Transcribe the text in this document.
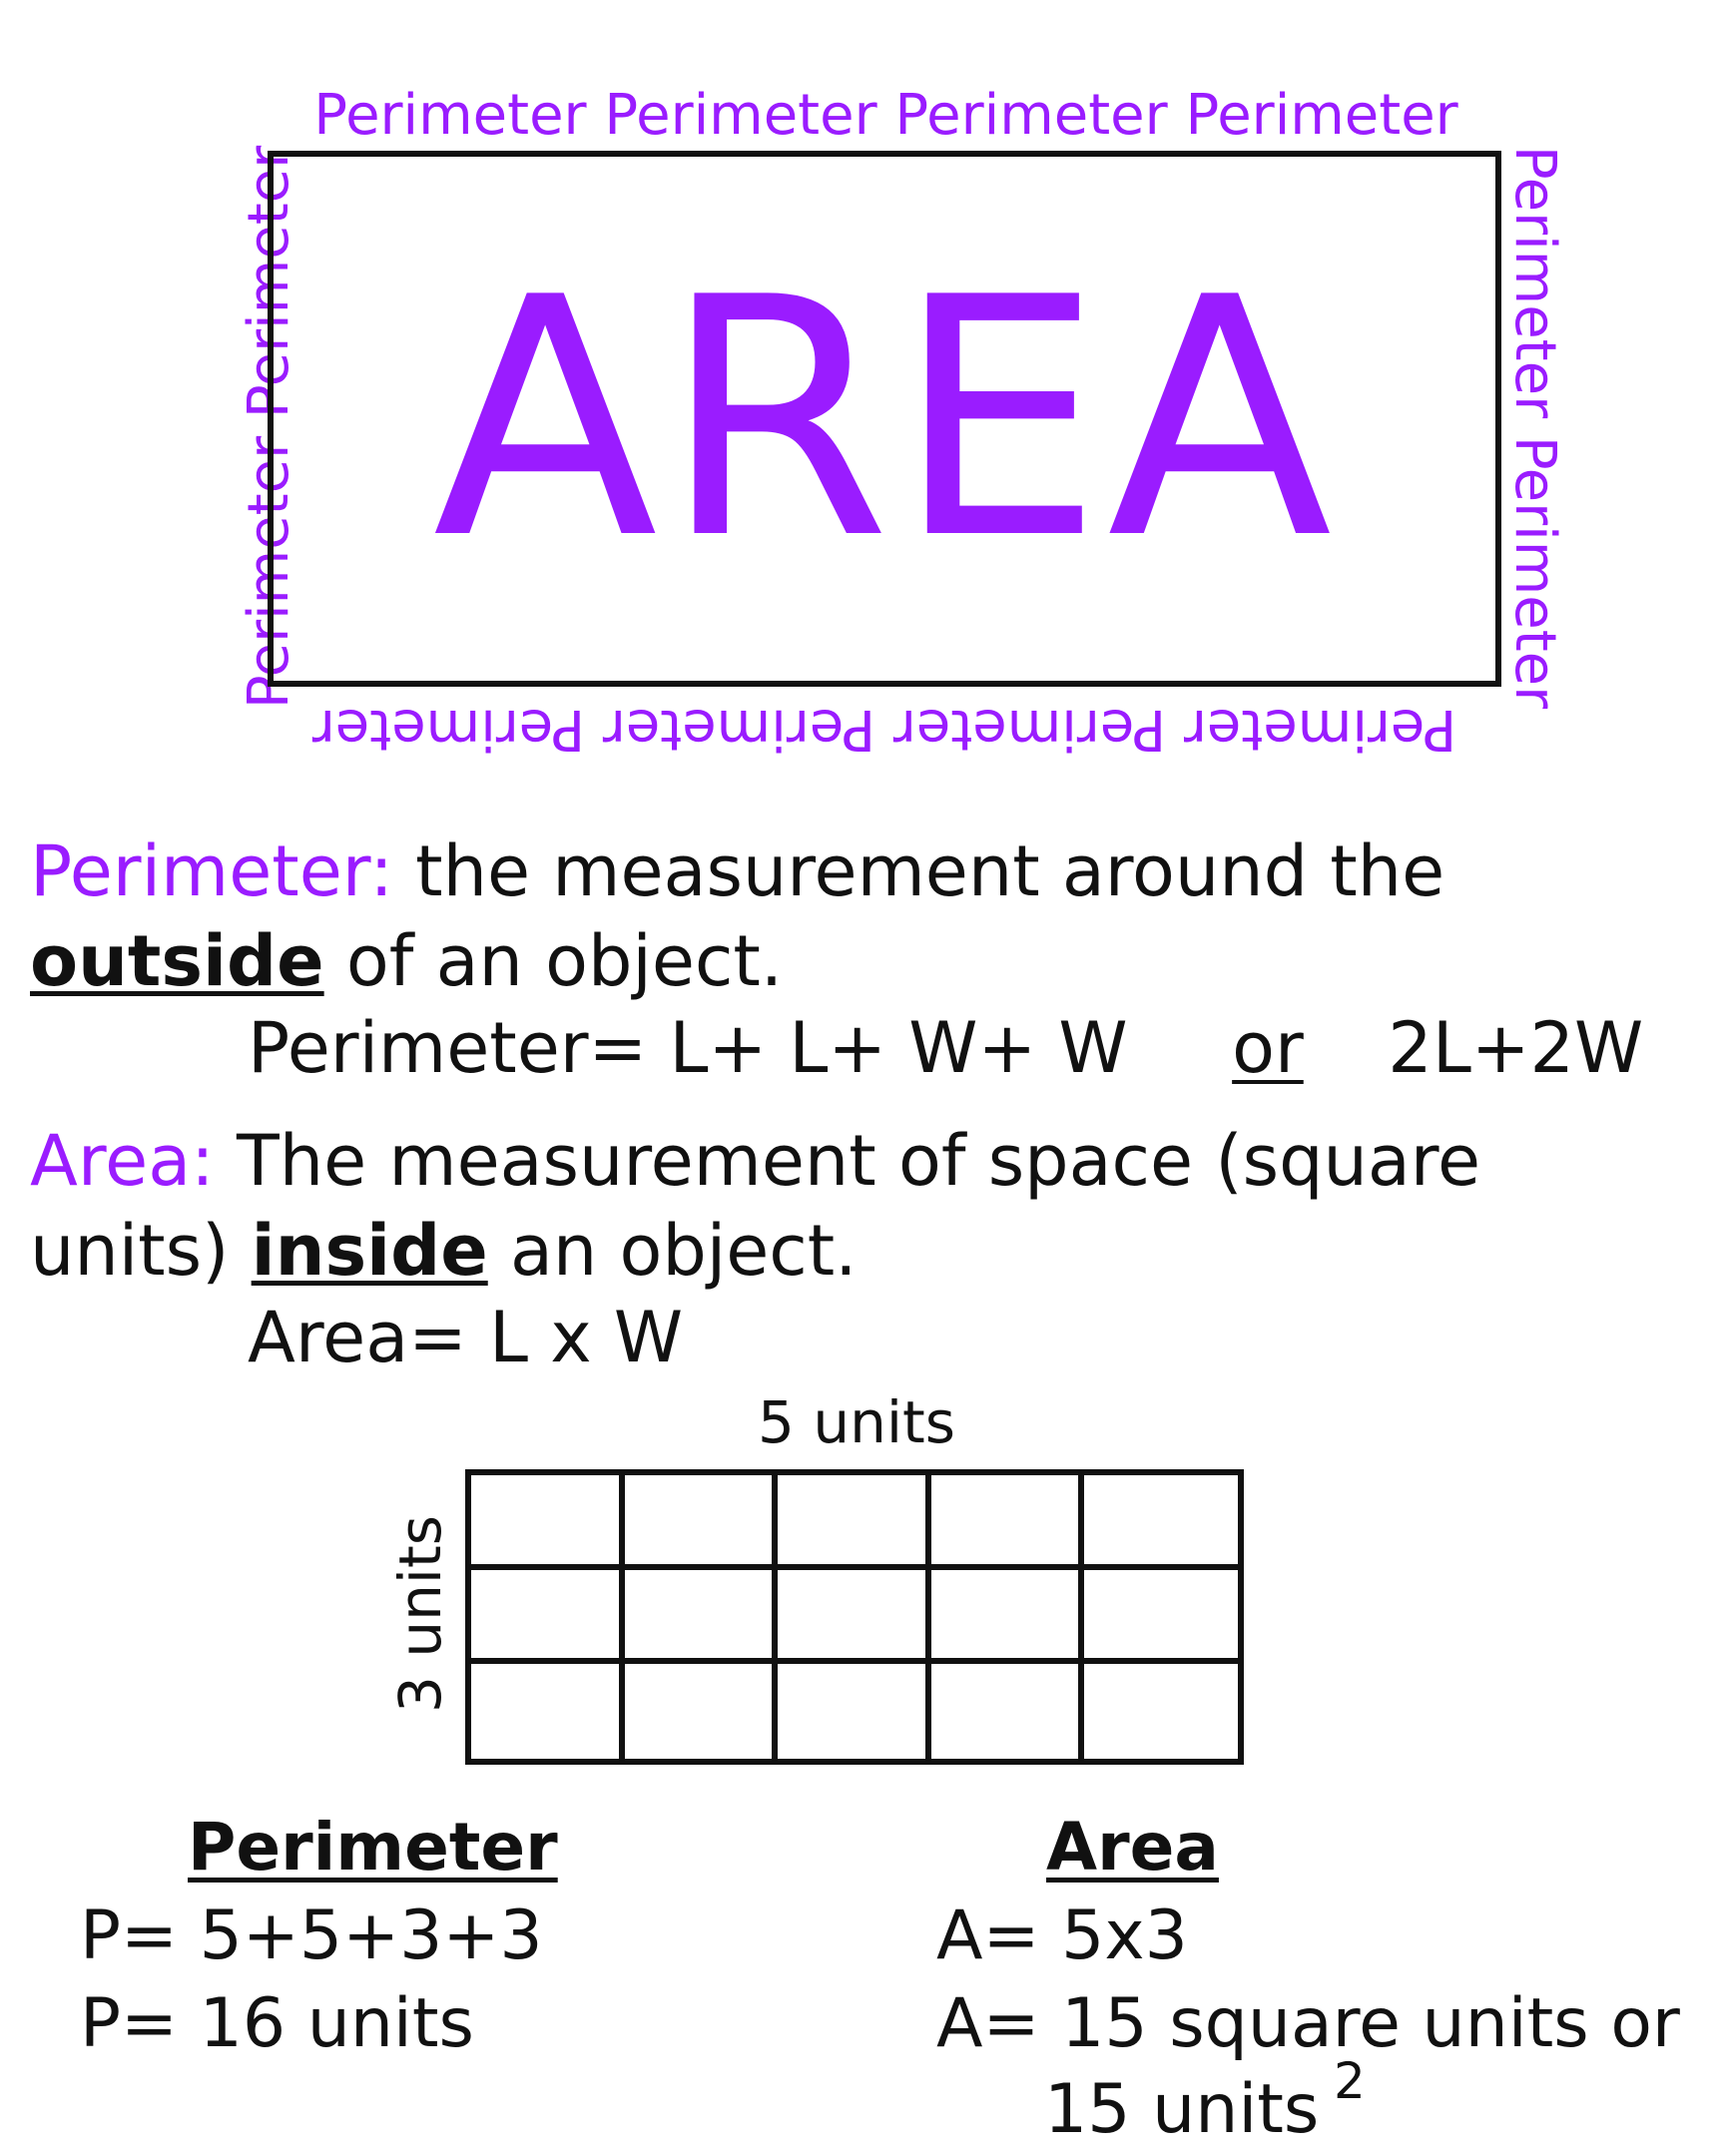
Perimeter Perimeter Perimeter Perimeter
Perimeter Perimeter Perimeter Perimeter
Perimeter Perimeter	Perimeter Perimeter
AREA
Perimeter: the measurement around the
outside of an object.
Perimeter= L+ L+ W+ W or 2L+2W
Area: The measurement of space (square
units) inside an object.
Area= L x W
5 units
3 units
Perimeter
P= 5+5+3+3
P= 16 units
Area
A= 5x3
A= 15 square units or
15 units 2
